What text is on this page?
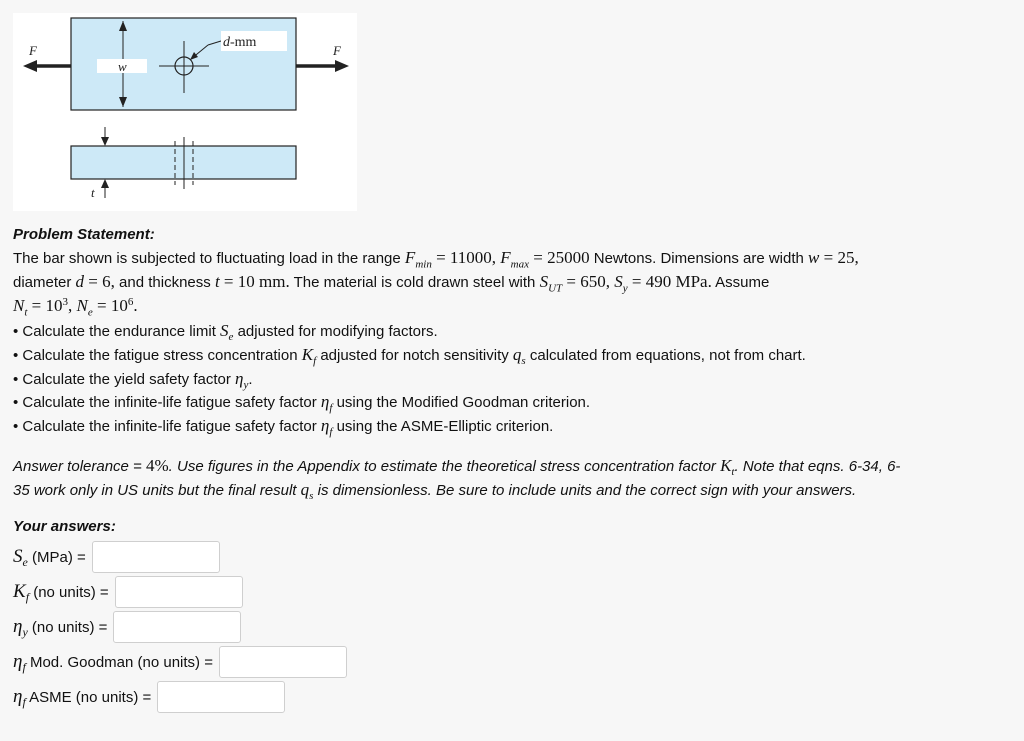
F	F
w
d-mm
t
Problem Statement:
The bar shown is subjected to fluctuating load in the range $F_{min} = 11000$, $F_{max} = 25000$ Newtons. Dimensions are width w = 25,
diameter d = 6, and thickness t = 10 mm. The material is cold drawn steel with $S_{UT} = 650$, $S_y = 490$ MPa. Assume
$N_t = 10^3$, $N_e = 10^6$.
• Calculate the endurance limit $S_e$ adjusted for modifying factors.
• Calculate the fatigue stress concentration $K_f$ adjusted for notch sensitivity $q_s$ calculated from equations, not from chart.
• Calculate the yield safety factor $\eta_y$.
• Calculate the infinite-life fatigue safety factor $\eta_f$ using the Modified Goodman criterion.
• Calculate the infinite-life fatigue safety factor $\eta_f$ using the ASME-Elliptic criterion.
Answer tolerance = 4%. Use figures in the Appendix to estimate the theoretical stress concentration factor $K_t$. Note that eqns. 6-34, 6-
35 work only in US units but the final result $q_s$ is dimensionless. Be sure to include units and the correct sign with your answers.
Your answers:
$S_e$ (MPa) =
$K_f$ (no units) =
$\eta_y$ (no units) =
$\eta_f$ Mod. Goodman (no units) =
$\eta_f$ ASME (no units) =
